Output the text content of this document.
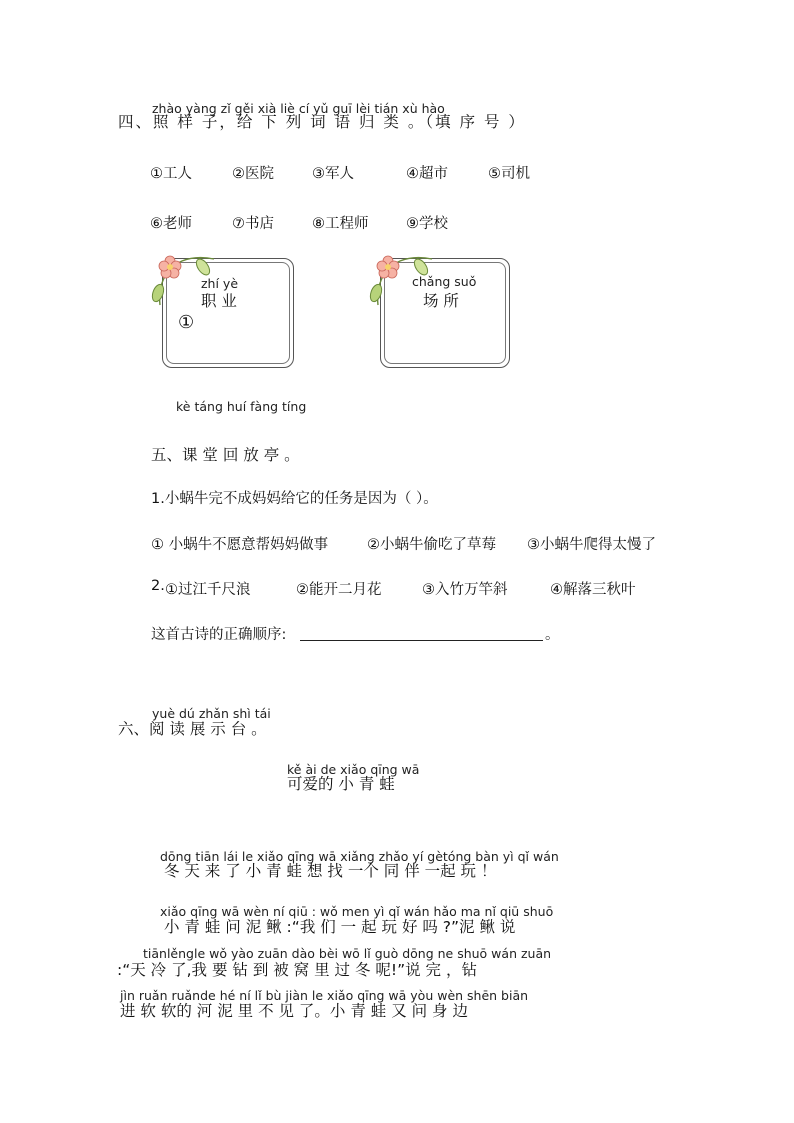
zhào yàng zǐ gěi xià liè cí yǔ guī lèi tián xù hào
四、照 样 子，给 下 列 词 语 归 类 。（填 序 号 ）
①工人	②医院	③军人	④超市	⑤司机
⑥老师	⑦书店	⑧工程师	⑨学校
zhí yè
职 业
①
chǎng suǒ
场 所
kè táng huí fàng tíng
五、课 堂 回 放 亭 。
1.小蜗牛完不成妈妈给它的任务是因为（ ）。
① 小蜗牛不愿意帮妈妈做事	②小蜗牛偷吃了草莓	③小蜗牛爬得太慢了
2. ①过江千尺浪	②能开二月花	③入竹万竿斜	④解落三秋叶
这首古诗的正确顺序:	。
yuè dú zhǎn shì tái
六、阅 读 展 示 台 。
kě ài de xiǎo qīng wā
可爱的 小 青 蛙
dōng tiān lái le xiǎo qīng wā xiǎng zhǎo yí gètóng bàn yì qǐ wán
冬 天 来 了 小 青 蛙 想 找 一个 同 伴 一起 玩 ！
xiǎo qīng wā wèn ní qiū : wǒ men yì qǐ wán hǎo ma nǐ qiū shuō
小 青 蛙 问 泥 鳅 :“我 们 一 起 玩 好 吗 ?”泥 鳅 说
tiānlěngle wǒ yào zuān dào bèi wō lǐ guò dōng ne shuō wán zuān
:“天 冷 了,我 要 钻 到 被 窝 里 过 冬 呢!”说 完 ，钻
jìn ruǎn ruǎnde hé ní lǐ bù jiàn le xiǎo qīng wā yòu wèn shēn biān
进 软 软的 河 泥 里 不 见 了。小 青 蛙 又 问 身 边
